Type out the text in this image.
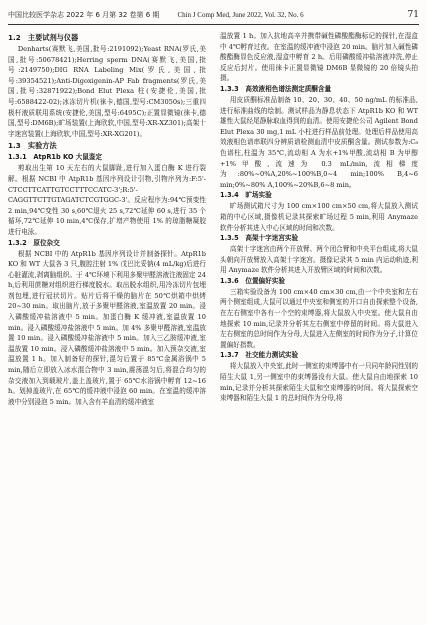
中国比较医学杂志 2022 年 6 月第 32 卷第 6 期	Chin J Comp Med, June 2022, Vol. 32, No. 6	71
1.2　主要试剂与仪器

Denharts(赛默飞,美国,批号:2191092);Yeast RNA(罗氏,美国,批号:50678421);Herring sperm DNA(赛默飞,美国,批号:2149750);DIG RNA Labeling Mix(罗氏,美国,批号:39354521);Anti-Digoxigenin-AP Fab fragments(罗氏,美国,批号:32871922);Bond Elut Plexa 柱(安捷伦,美国,批号:6588422-02);冰冻切片机(徕卡,德国,型号:CM3050s);三重四极杆液质联用系统(安捷伦,美国,型号:6495C);正置显微镜(徕卡,德国,型号:DM6B);旷场装置(上海欣软,中国,型号:XR-XZ301);高架十字迷宫装置(上海欣软,中国,型号:XR-XG201)。

1.3　实验方法
1.3.1　AtpR1b KO 大鼠鉴定

剪取出生第 10 天左右的大鼠脚趾,进行加入蛋白酶 K 进行裂解。根据 NCBI 中 AtpR1b 基因序列设计引物,引物序列为:F:5'-CTCCTTCATTGTCCTTTCCATC-3';R:5'-CAGGTTCTTGTAGATCTCGTGGC-3'。反应程序为:94℃预变性 2 min,94℃变性 30 s,60℃退火 25 s,72℃延伸 60 s,进行 35 个循环,72℃延伸 10 min,4℃保存,扩增产物使用 1% 的琼脂糖凝胶进行电泳。

1.3.2　原位杂交

根据 NCBI 中的 AtpR1b 基因序列设计并制备探针。AtpR1b KO 和 WT 大鼠各 3 只,腹腔注射 1% 戊巴比妥钠(4 mL/kg)后进行心脏灌流,剥离脑组织。于 4℃环境下利用多聚甲醛溶液注液固定 24 h,后利用蔗糖对组织进行梯度脱水。取出脱水组织,用冷冻切片包埋剂包埋,进行冠状切片。贴片后将干燥的脑片在 50℃烘箱中烘烤 20~30 min。取出脑片,放于多聚甲醛溶液,室温放置 20 min。浸入磷酸缓冲盐溶液中 5 min。加蛋白酶 K 缓冲液,室温放置 10 min。浸入磷酸缓冲盐溶液中 5 min。加 4% 多聚甲醛溶液,室温放置 10 min。浸入磷酸缓冲盐溶液中 5 min。加入三乙胺缓冲液,室温放置 10 min。浸入磷酸缓冲盐溶液中 5 min。加入预杂交液,室温放置 1 h。加入制备好的探针,混匀后置于 85℃金属浴锅中 5 min,随后立即放入冰水混合物中 3 min,震荡混匀后,将混合均匀的杂交液加入到载玻片,盖上盖玻片,置于 65℃水浴锅中孵育 12~16 h。划掉盖玻片,在 65℃的缓冲液中浸泡 60 min。在室温的缓冲溶液中分别浸泡 5 min。加入含有羊血清的缓冲液室

温放置 1 h。加入抗地高辛并携带碱性磷酸酯酶标记的探针,在湿盒中 4℃孵育过夜。在室温的缓冲液中浸泡 20 min。脑片加入碱性磷酸酯酶显色反应液,湿盒中孵育 2 h。后用磷酸缓冲盐溶液冲洗,停止反应后封片。使用徕卡正置显微镜 DM6B 显微镜的 20 倍镜头拍摄。

1.3.3　高效液相色谱法测定质酮含量

用皮质酮标准品制备 10、20、30、40、50 ng/mL 的标准品,进行标准曲线的绘制。测试样品为静息状态下 AtpR1b KO 和 WT 雄性大鼠经尾静脉取血得到的血清。使用安捷伦公司 Agilent Bond Elut Plexa 30 mg,1 mL 小柱进行样品前处理。处理后样品使用高效液相色谱串联四分辨质谱检测血清中皮质酮含量。测试参数为:C₈ 色谱柱,柱温为 35℃,流动相 A 为水+1%甲酸,流动相 B 为甲醇+1%甲酸,流速为 0.3 mL/min,流相梯度为:80%~0%A,20%~100%B,0~4 min;100% B,4~6 min;0%~80% A,100%~20%B,6~8 min。

1.3.4　旷场实验

旷场测试箱尺寸为 100 cm×100 cm×50 cm,将大鼠放入测试箱的中心区域,摄像机记录其探索旷场过程 5 min,利用 Anymaze 软件分析其进入中心区域的时间和次数。

1.3.5　高架十字迷宫实验

高架十字迷宫由两个开放臂、两个闭合臂和中央平台组成,将大鼠头朝向开放臂放入高架十字迷宫。摄像记录其 5 min 内运动轨迹,利用 Anymaze 软件分析其进入开放臂区域的时间和次数。

1.3.6　位置偏好实验

三箱实验设备为 100 cm×40 cm×30 cm,由一个中央室和左右两个侧室组成,大鼠可以通过中央室和侧室的开口自由探索整个设备,在左右侧室中各有一个空的束缚器,将大鼠放入中央室。使大鼠自由地探索 10 min,记录并分析其左右侧室中停留的时间。将大鼠进入左右侧室的总时间作为分母,大鼠进入左侧室的时间作为分子,计算位置偏好指数。

1.3.7　社交能力测试实验

将大鼠放入中央室,此时一侧室的束缚器中有一只同年龄同性别的陌生大鼠 1,另一侧室中的束缚器没有大鼠。使大鼠自由地探索 10 min,记录并分析其探索陌生大鼠和空束缚器的时间。将大鼠探索空束缚器和陌生大鼠 1 的总时间作为分母,将
